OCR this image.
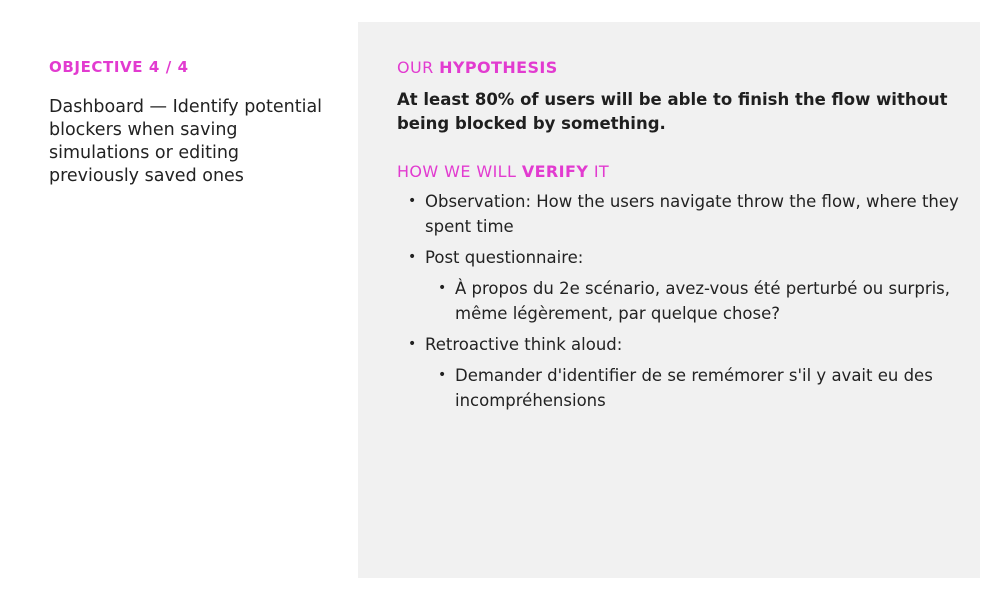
OBJECTIVE 4 / 4
Dashboard — Identify potential blockers when saving simulations or editing previously saved ones
OUR HYPOTHESIS
At least 80% of users will be able to finish the flow without being blocked by something.
HOW WE WILL VERIFY IT
• Observation: How the users navigate throw the flow, where they spent time
• Post questionnaire:
• À propos du 2e scénario, avez-vous été perturbé ou surpris, même légèrement, par quelque chose?
• Retroactive think aloud:
• Demander d'identifier de se remémorer s'il y avait eu des incompréhensions
